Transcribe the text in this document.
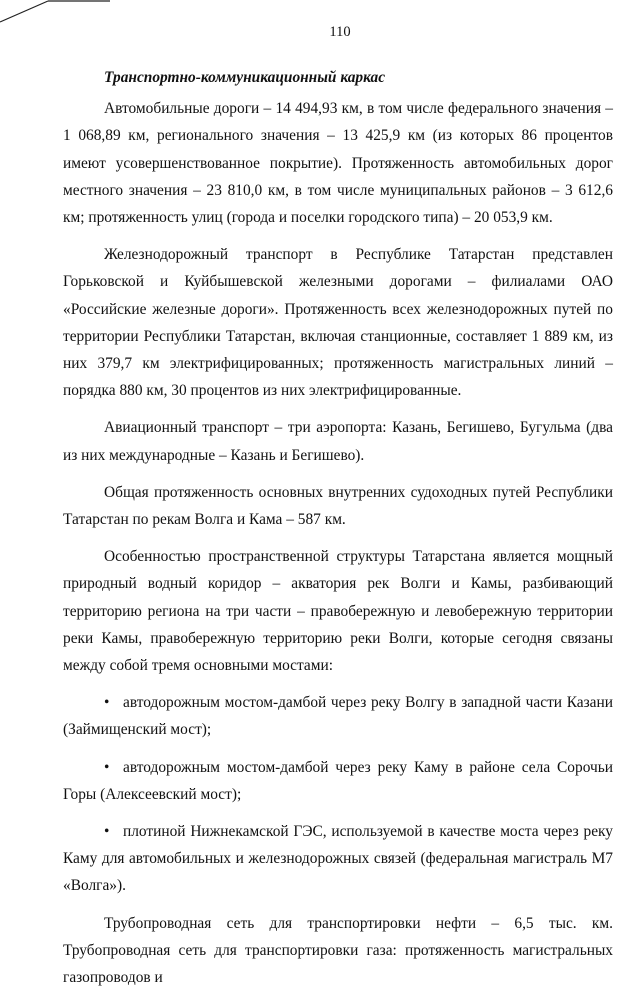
110
Транспортно-коммуникационный каркас

Автомобильные дороги – 14 494,93 км, в том числе федерального значения – 1 068,89 км, регионального значения – 13 425,9 км (из которых 86 процентов имеют усовершенствованное покрытие). Протяженность автомобильных дорог местного значения – 23 810,0 км, в том числе муниципальных районов – 3 612,6 км; протяженность улиц (города и поселки городского типа) – 20 053,9 км.

Железнодорожный транспорт в Республике Татарстан представлен Горьковской и Куйбышевской железными дорогами – филиалами ОАО «Российские железные дороги». Протяженность всех железнодорожных путей по территории Республики Татарстан, включая станционные, составляет 1 889 км, из них 379,7 км электрифицированных; протяженность магистральных линий – порядка 880 км, 30 процентов из них электрифицированные.

Авиационный транспорт – три аэропорта: Казань, Бегишево, Бугульма (два из них международные – Казань и Бегишево).

Общая протяженность основных внутренних судоходных путей Республики Татарстан по рекам Волга и Кама – 587 км.

Особенностью пространственной структуры Татарстана является мощный природный водный коридор – акватория рек Волги и Камы, разбивающий территорию региона на три части – правобережную и левобережную территории реки Камы, правобережную территорию реки Волги, которые сегодня связаны между собой тремя основными мостами:

• автодорожным мостом-дамбой через реку Волгу в западной части Казани (Займищенский мост);
• автодорожным мостом-дамбой через реку Каму в районе села Сорочьи Горы (Алексеевский мост);
• плотиной Нижнекамской ГЭС, используемой в качестве моста через реку Каму для автомобильных и железнодорожных связей (федеральная магистраль М7 «Волга»).

Трубопроводная сеть для транспортировки нефти – 6,5 тыс. км. Трубопроводная сеть для транспортировки газа: протяженность магистральных газопроводов и
